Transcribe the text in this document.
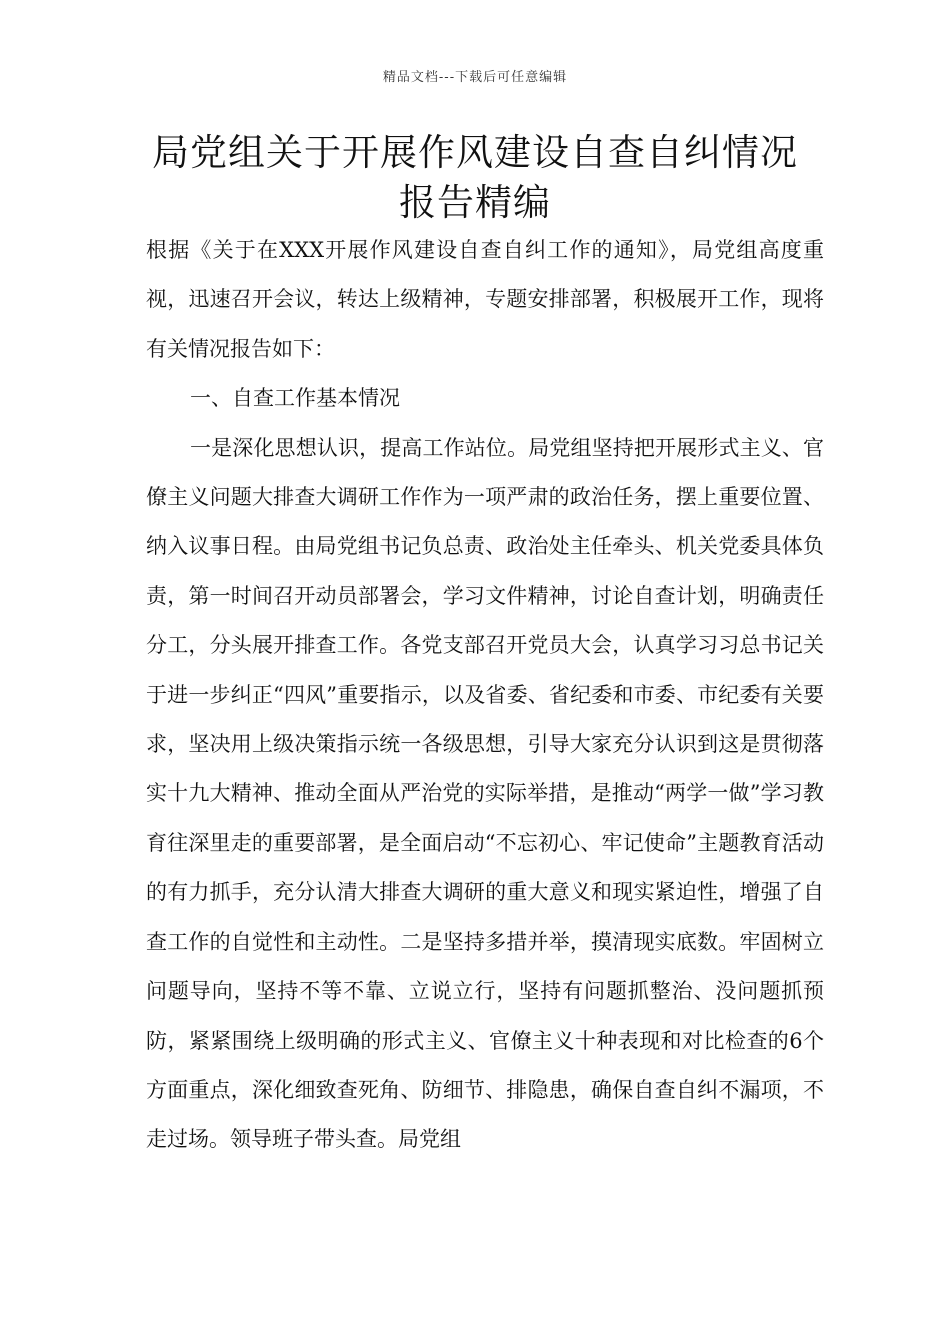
精品文档---下载后可任意编辑
局党组关于开展作风建设自查自纠情况
报告精编

根据《关于在XXX开展作风建设自查自纠工作的通知》，局党组高度重视，迅速召开会议，转达上级精神，专题安排部署，积极展开工作，现将有关情况报告如下：

一、自查工作基本情况

一是深化思想认识，提高工作站位。局党组坚持把开展形式主义、官僚主义问题大排查大调研工作作为一项严肃的政治任务，摆上重要位置、纳入议事日程。由局党组书记负总责、政治处主任牵头、机关党委具体负责，第一时间召开动员部署会，学习文件精神，讨论自查计划，明确责任分工，分头展开排查工作。各党支部召开党员大会，认真学习习总书记关于进一步纠正“四风”重要指示，以及省委、省纪委和市委、市纪委有关要求，坚决用上级决策指示统一各级思想，引导大家充分认识到这是贯彻落实十九大精神、推动全面从严治党的实际举措，是推动“两学一做”学习教育往深里走的重要部署，是全面启动“不忘初心、牢记使命”主题教育活动的有力抓手，充分认清大排查大调研的重大意义和现实紧迫性，增强了自查工作的自觉性和主动性。二是坚持多措并举，摸清现实底数。牢固树立问题导向，坚持不等不靠、立说立行，坚持有问题抓整治、没问题抓预防，紧紧围绕上级明确的形式主义、官僚主义十种表现和对比检查的6个方面重点，深化细致查死角、防细节、排隐患，确保自查自纠不漏项，不走过场。领导班子带头查。局党组
